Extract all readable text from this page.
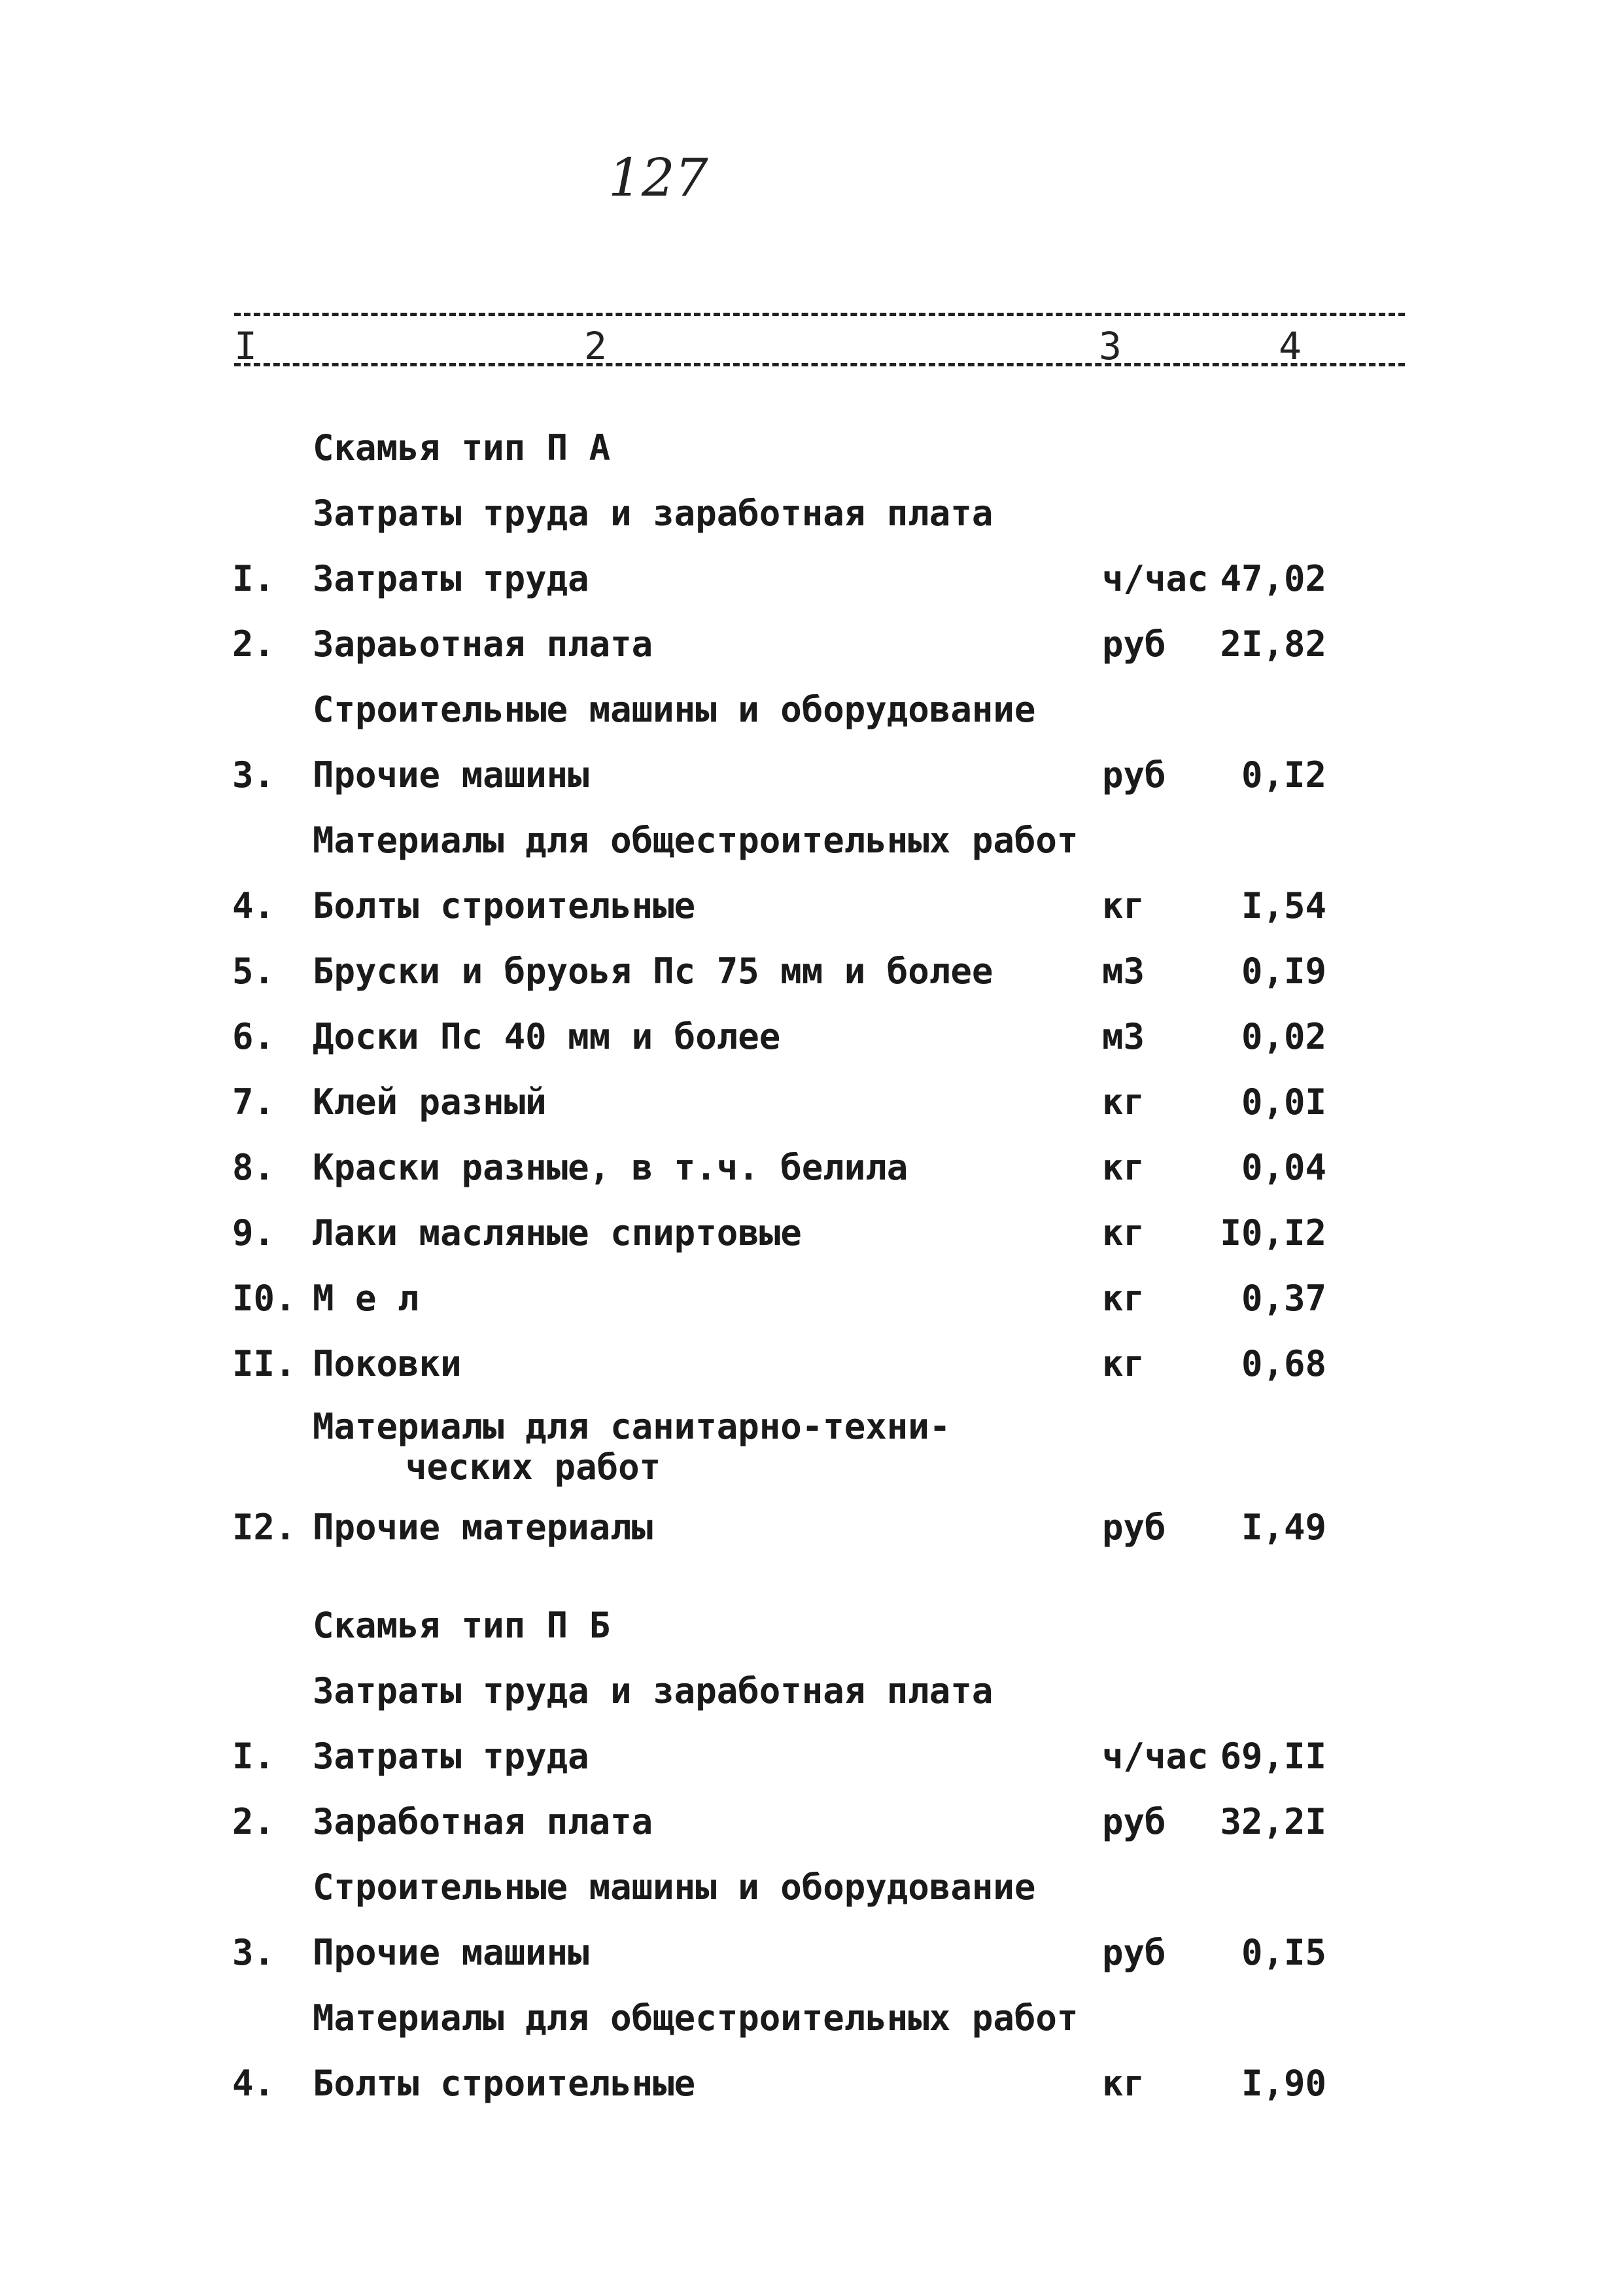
127
I	2	3	4
Скамья тип П А
Затраты труда и заработная плата
I. Затраты труда	ч/час 47,02
2. Зараьотная плата	руб 2I,82
Строительные машины и оборудование
3. Прочие машины	руб 0,I2
Материалы для общестроительных работ
4. Болты строительные	кг	I,54
5. Бруски и бруоья Пс 75 мм и более	м3	0,I9
6. Доски Пс 40 мм и более	м3	0,02
7. Клей разный	кг	0,0I
8. Краски разные, в т.ч. белила	кг	0,04
9. Лаки масляные спиртовые	кг I0,I2
I0. М е л	кг	0,37
II. Поковки	кг	0,68
Материалы для санитарно-техни-
ческих работ
I2. Прочие материалы	руб I,49
Скамья тип П Б
Затраты труда и заработная плата
I. Затраты труда	ч/час 69,II
2. Заработная плата	руб 32,2I
Строительные машины и оборудование
3. Прочие машины	руб 0,I5
Материалы для общестроительных работ
4. Болты строительные	кг	I,90
